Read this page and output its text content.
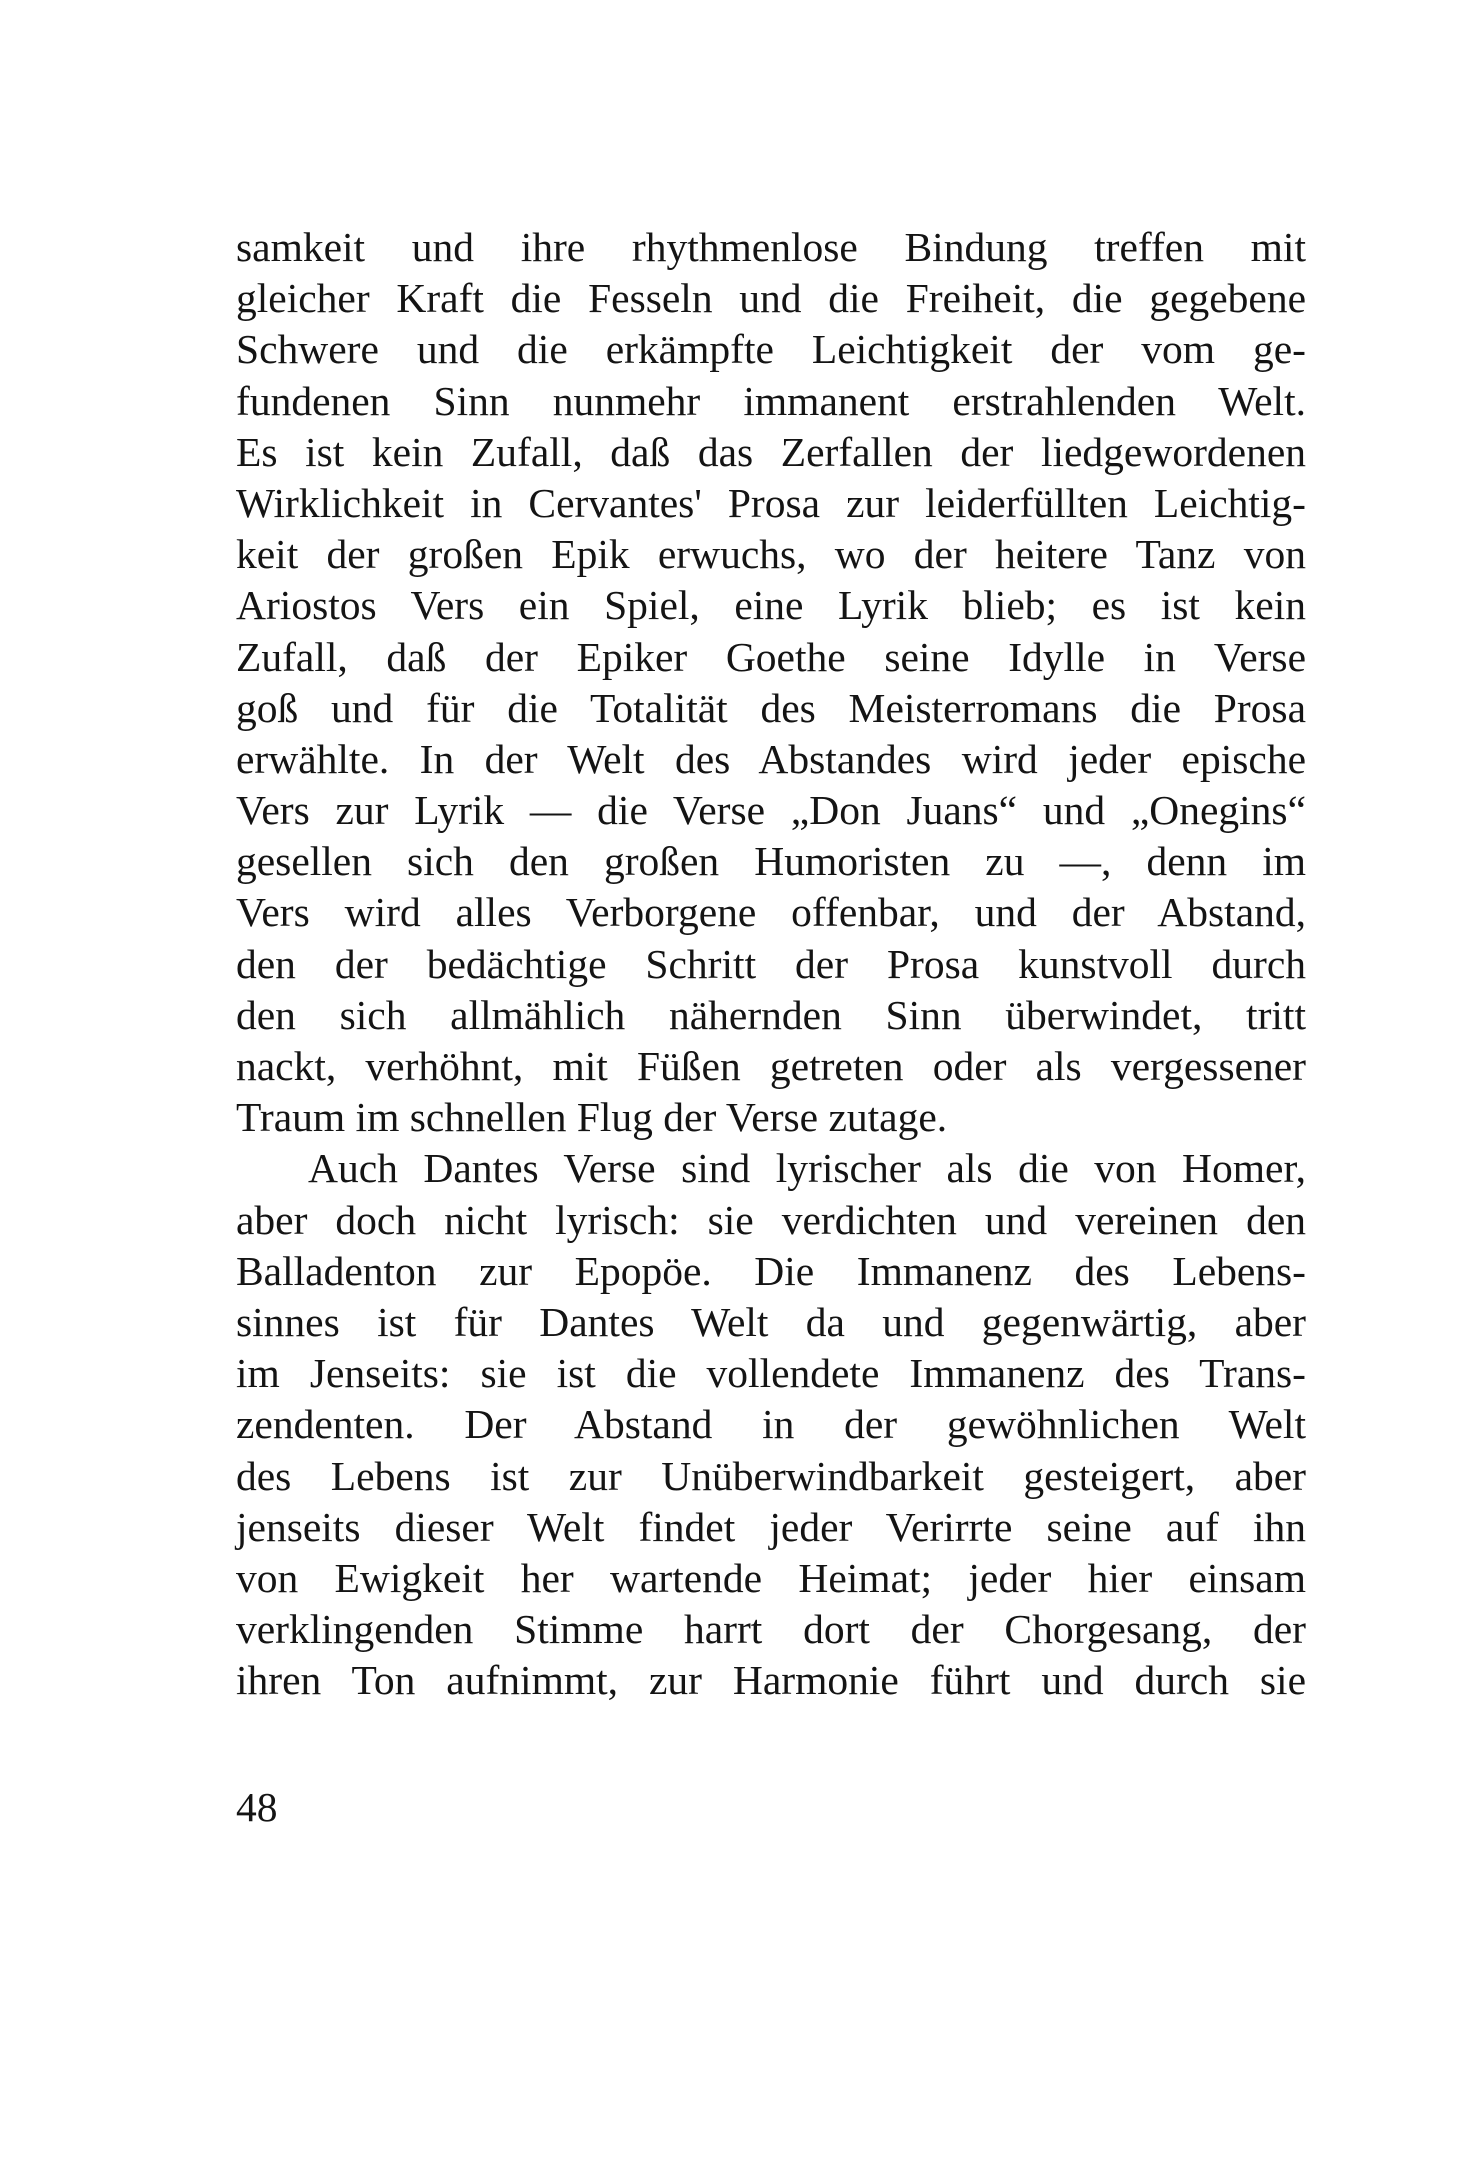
samkeit und ihre rhythmenlose Bindung treffen mit
gleicher Kraft die Fesseln und die Freiheit, die gegebene
Schwere und die erkämpfte Leichtigkeit der vom ge-
fundenen Sinn nunmehr immanent erstrahlenden Welt.
Es ist kein Zufall, daß das Zerfallen der liedgewordenen
Wirklichkeit in Cervantes' Prosa zur leiderfüllten Leichtig-
keit der großen Epik erwuchs, wo der heitere Tanz von
Ariostos Vers ein Spiel, eine Lyrik blieb; es ist kein
Zufall, daß der Epiker Goethe seine Idylle in Verse
goß und für die Totalität des Meisterromans die Prosa
erwählte. In der Welt des Abstandes wird jeder epische
Vers zur Lyrik — die Verse „Don Juans“ und „Onegins“
gesellen sich den großen Humoristen zu —, denn im
Vers wird alles Verborgene offenbar, und der Abstand,
den der bedächtige Schritt der Prosa kunstvoll durch
den sich allmählich nähernden Sinn überwindet, tritt
nackt, verhöhnt, mit Füßen getreten oder als vergessener
Traum im schnellen Flug der Verse zutage.
Auch Dantes Verse sind lyrischer als die von Homer,
aber doch nicht lyrisch: sie verdichten und vereinen den
Balladenton zur Epopöe. Die Immanenz des Lebens-
sinnes ist für Dantes Welt da und gegenwärtig, aber
im Jenseits: sie ist die vollendete Immanenz des Trans-
zendenten. Der Abstand in der gewöhnlichen Welt
des Lebens ist zur Unüberwindbarkeit gesteigert, aber
jenseits dieser Welt findet jeder Verirrte seine auf ihn
von Ewigkeit her wartende Heimat; jeder hier einsam
verklingenden Stimme harrt dort der Chorgesang, der
ihren Ton aufnimmt, zur Harmonie führt und durch sie
48
